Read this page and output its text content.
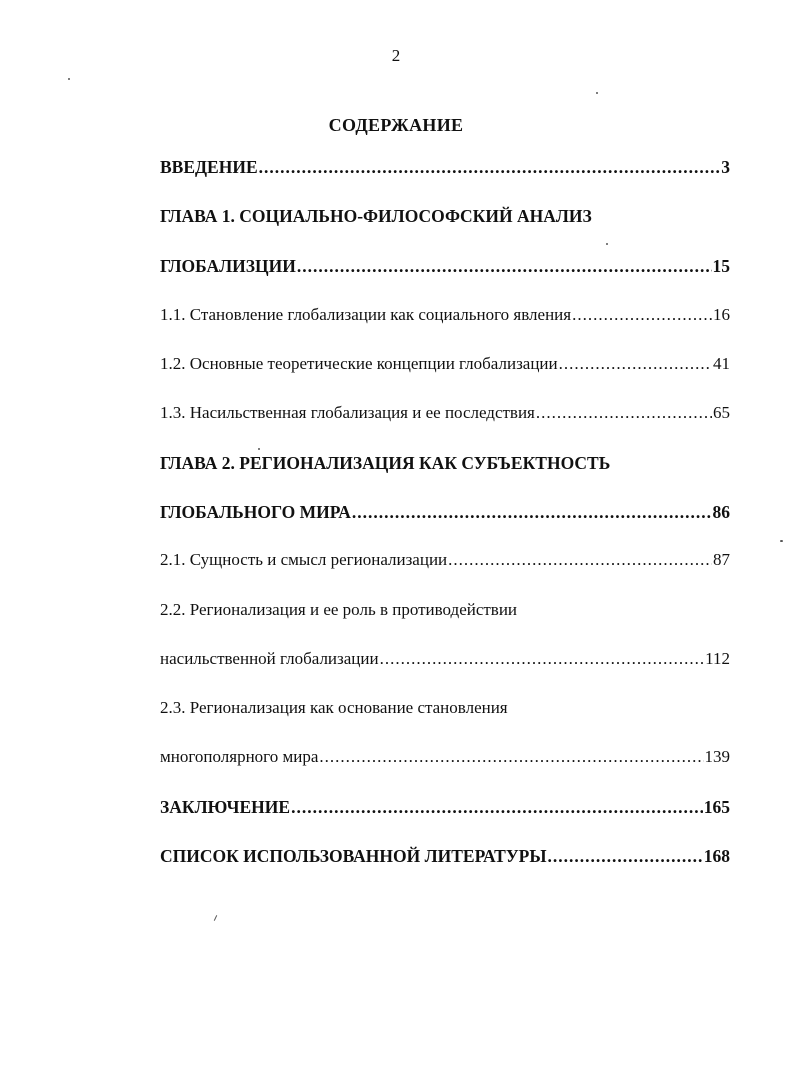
2
СОДЕРЖАНИЕ
ВВЕДЕНИЕ .....	3
ГЛАВА 1. СОЦИАЛЬНО-ФИЛОСОФСКИЙ АНАЛИЗ
ГЛОБАЛИЗЦИИ .....	15
1.1. Становление глобализации как социального явления .....	16
1.2. Основные теоретические концепции глобализации .....	41
1.3. Насильственная глобализация и ее последствия .....	65
ГЛАВА 2. РЕГИОНАЛИЗАЦИЯ КАК СУБЪЕКТНОСТЬ
ГЛОБАЛЬНОГО МИРА .....	86
2.1. Сущность и смысл регионализации .....	87
2.2. Регионализация и ее роль в противодействии
насильственной глобализации .....	112
2.3. Регионализация как основание становления
многополярного мира .....	139
ЗАКЛЮЧЕНИЕ .....	165
СПИСОК ИСПОЛЬЗОВАННОЙ ЛИТЕРАТУРЫ .....	168
